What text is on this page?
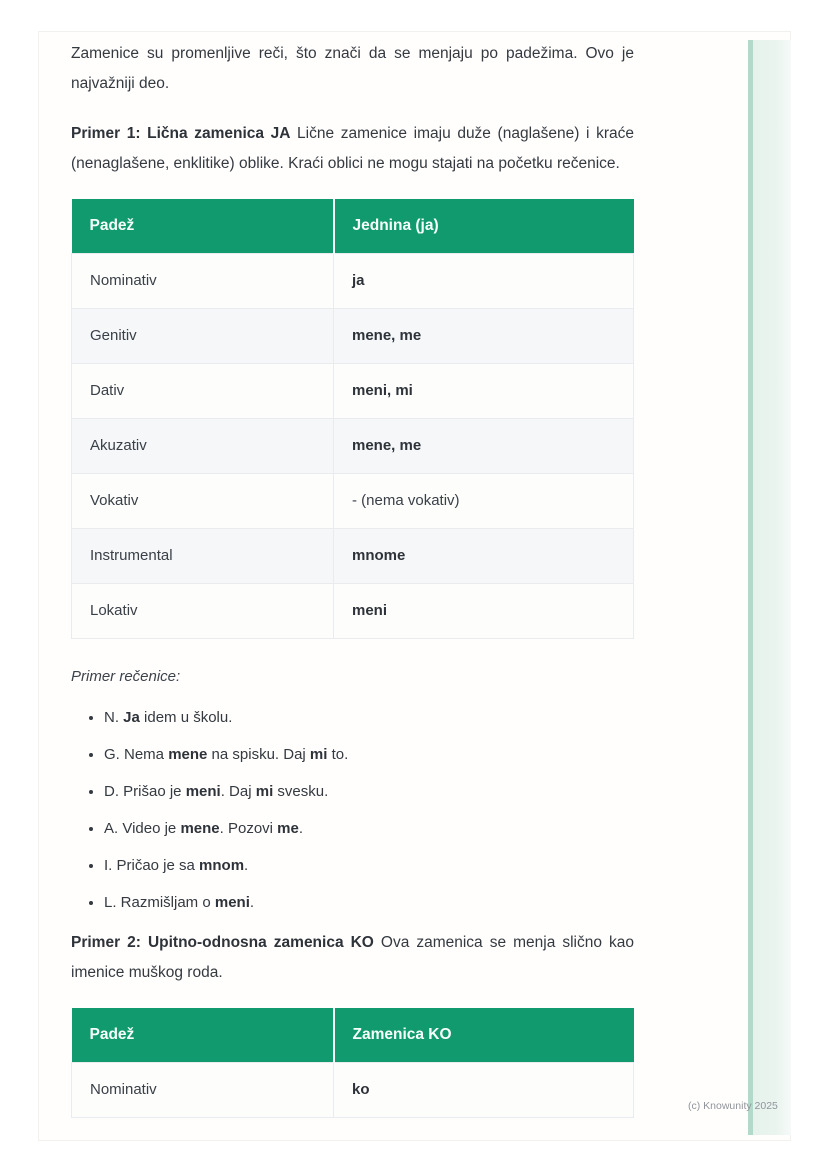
Zamenice su promenljive reči, što znači da se menjaju po padežima. Ovo je najvažniji deo.

Primer 1: Lična zamenica JA Lične zamenice imaju duže (naglašene) i kraće (nenaglašene, enklitike) oblike. Kraći oblici ne mogu stajati na početku rečenice.

Padež	Jednina (ja)
Nominativ	ja
Genitiv	mene, me
Dativ	meni, mi
Akuzativ	mene, me
Vokativ	- (nema vokativ)
Instrumental	mnome
Lokativ	meni

Primer rečenice:

• N. Ja idem u školu.
• G. Nema mene na spisku. Daj mi to.
• D. Prišao je meni. Daj mi svesku.
• A. Video je mene. Pozovi me.
• I. Pričao je sa mnom.
• L. Razmišljam o meni.

Primer 2: Upitno-odnosna zamenica KO Ova zamenica se menja slično kao imenice muškog roda.

Padež	Zamenica KO
Nominativ	ko
(c) Knowunity 2025
